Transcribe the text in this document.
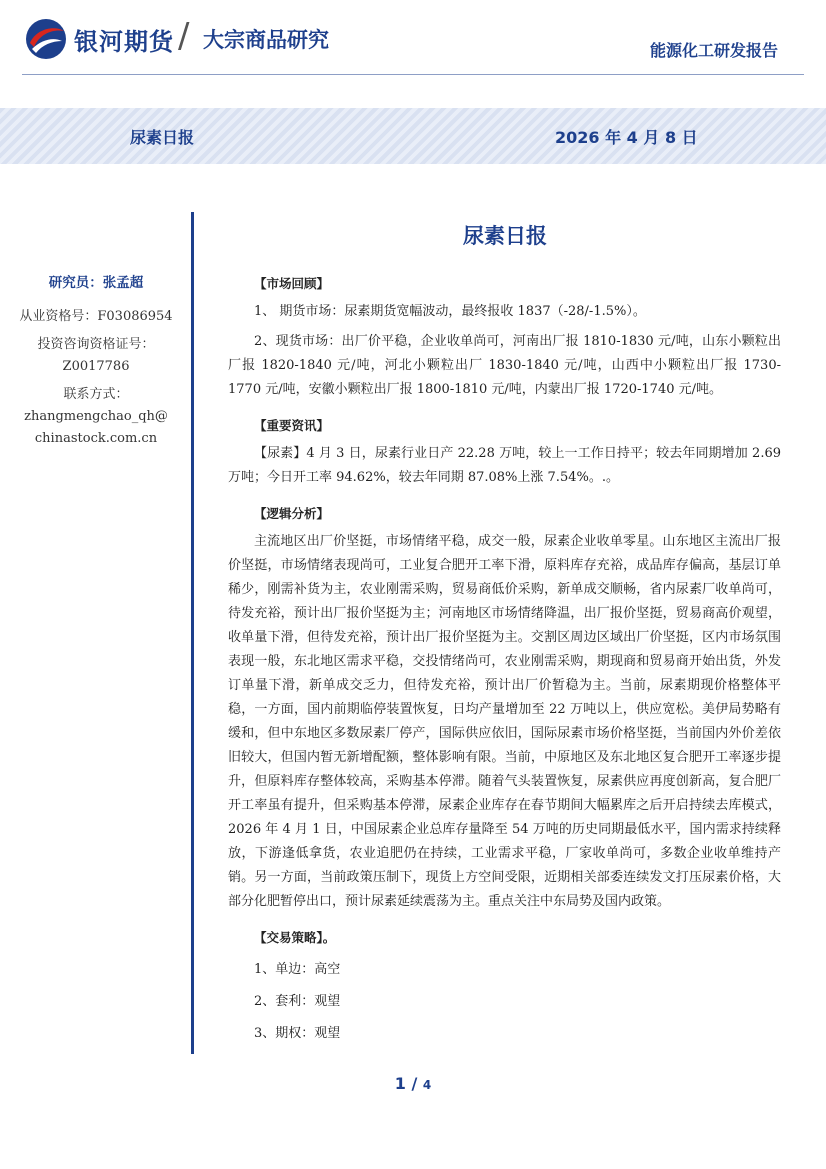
银河期货 / 大宗商品研究	能源化工研发报告
尿素日报	2026 年 4 月 8 日
研究员：张孟超
从业资格号：F03086954
投资咨询资格证号：
Z0017786
联系方式：
zhangmengchao_qh@
chinastock.com.cn
尿素日报

【市场回顾】

1、 期货市场：尿素期货宽幅波动，最终报收 1837（-28/-1.5%）。

2、现货市场：出厂价平稳，企业收单尚可，河南出厂报 1810-1830 元/吨，山东小颗粒出厂报 1820-1840 元/吨，河北小颗粒出厂 1830-1840 元/吨，山西中小颗粒出厂报 1730-1770 元/吨，安徽小颗粒出厂报 1800-1810 元/吨，内蒙出厂报 1720-1740 元/吨。

【重要资讯】

【尿素】4 月 3 日，尿素行业日产 22.28 万吨，较上一工作日持平；较去年同期增加 2.69 万吨；今日开工率 94.62%，较去年同期 87.08%上涨 7.54%。.。

【逻辑分析】

主流地区出厂价坚挺，市场情绪平稳，成交一般，尿素企业收单零星。山东地区主流出厂报价坚挺，市场情绪表现尚可，工业复合肥开工率下滑，原料库存充裕，成品库存偏高，基层订单稀少，刚需补货为主，农业刚需采购，贸易商低价采购，新单成交顺畅，省内尿素厂收单尚可，待发充裕，预计出厂报价坚挺为主；河南地区市场情绪降温，出厂报价坚挺，贸易商高价观望，收单量下滑，但待发充裕，预计出厂报价坚挺为主。交割区周边区域出厂价坚挺，区内市场氛围表现一般，东北地区需求平稳，交投情绪尚可，农业刚需采购，期现商和贸易商开始出货，外发订单量下滑，新单成交乏力，但待发充裕，预计出厂价暂稳为主。当前，尿素期现价格整体平稳，一方面，国内前期临停装置恢复，日均产量增加至 22 万吨以上，供应宽松。美伊局势略有缓和，但中东地区多数尿素厂停产，国际供应依旧，国际尿素市场价格坚挺，当前国内外价差依旧较大，但国内暂无新增配额，整体影响有限。当前，中原地区及东北地区复合肥开工率逐步提升，但原料库存整体较高，采购基本停滞。随着气头装置恢复，尿素供应再度创新高，复合肥厂开工率虽有提升，但采购基本停滞，尿素企业库存在春节期间大幅累库之后开启持续去库模式，2026 年 4 月 1 日，中国尿素企业总库存量降至 54 万吨的历史同期最低水平，国内需求持续释放，下游逢低拿货，农业追肥仍在持续，工业需求平稳，厂家收单尚可，多数企业收单维持产销。另一方面，当前政策压制下，现货上方空间受限，近期相关部委连续发文打压尿素价格，大部分化肥暂停出口，预计尿素延续震荡为主。重点关注中东局势及国内政策。

【交易策略】。

1、单边：高空

2、套利：观望

3、期权：观望

1 / 4
